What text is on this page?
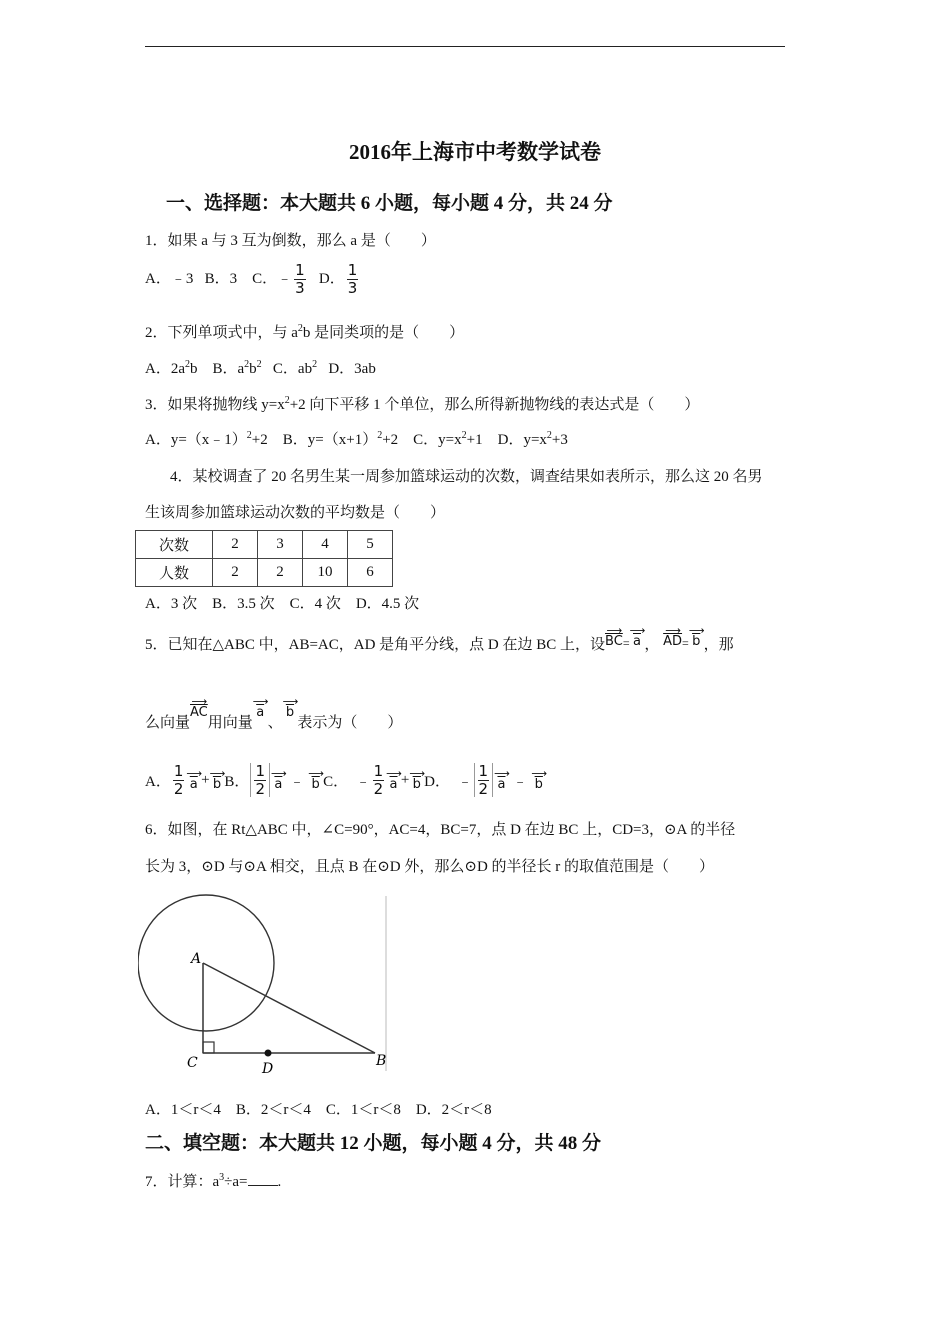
2016年上海市中考数学试卷
一、选择题：本大题共 6 小题，每小题 4 分，共 24 分
1．如果 a 与 3 互为倒数，那么 a 是（　　）
A．﹣3 B．3 C．﹣ $\frac{1}{3}$ D． $\frac{1}{3}$
2．下列单项式中，与 $a^2b$ 是同类项的是（　　）
A．$2a^2b$ B．$a^2b^2$ C．$ab^2$ D．3ab
3．如果将抛物线 $y=x^2+2$ 向下平移 1 个单位，那么所得新抛物线的表达式是（　　）
A．y=（x﹣1）$^2$+2 B．$y=(x+1)^2+2$ C．$y=x^2+1$ D．$y=x^2+3$
4．某校调查了 20 名男生某一周参加篮球运动的次数，调查结果如表所示，那么这 20 名男
生该周参加篮球运动次数的平均数是（　　）
次数	2	3	4	5
人数	2	2	10	6
A．3 次　B．3.5 次　C．4 次　D．4.5 次
5．已知在△ABC 中，AB=AC，AD 是角平分线，点 D 在边 BC 上，设
⟶
$\overline{BC}$ =
⟶
$\overline{a}$ ，

⟶
$\overline{AD}$ =
⟶
$\overline{b}$ ，那
么向量
⟶
$\overline{AC}$
用向量
⟶
$\overline{a}$
、
⟶
$\overline{b}$
表示为（　　）
A． $\frac{1}{2}$ ⟶
$\overline{a}$ + ⟶
$\overline{b}$ B． $\frac{1}{2}$ ⟶
$\overline{a}$
﹣

⟶
$\overline{b}$ C．
﹣ $\frac{1}{2}$ ⟶
$\overline{a}$ + ⟶
$\overline{b}$ D．
﹣ $\frac{1}{2}$ ⟶
$\overline{a}$
﹣

⟶
$\overline{b}$
6．如图，在 Rt△ABC 中，∠C=90°，AC=4，BC=7，点 D 在边 BC 上，CD=3，⊙A 的半径
长为 3，⊙D 与⊙A 相交，且点 B 在⊙D 外，那么⊙D 的半径长 r 的取值范围是（　　）
A
C	D	B
A．1＜r＜4　B．2＜r＜4　C．1＜r＜8　D．2＜r＜8
二、填空题：本大题共 12 小题，每小题 4 分，共 48 分
7．计算：$a^3\div a=$ .
